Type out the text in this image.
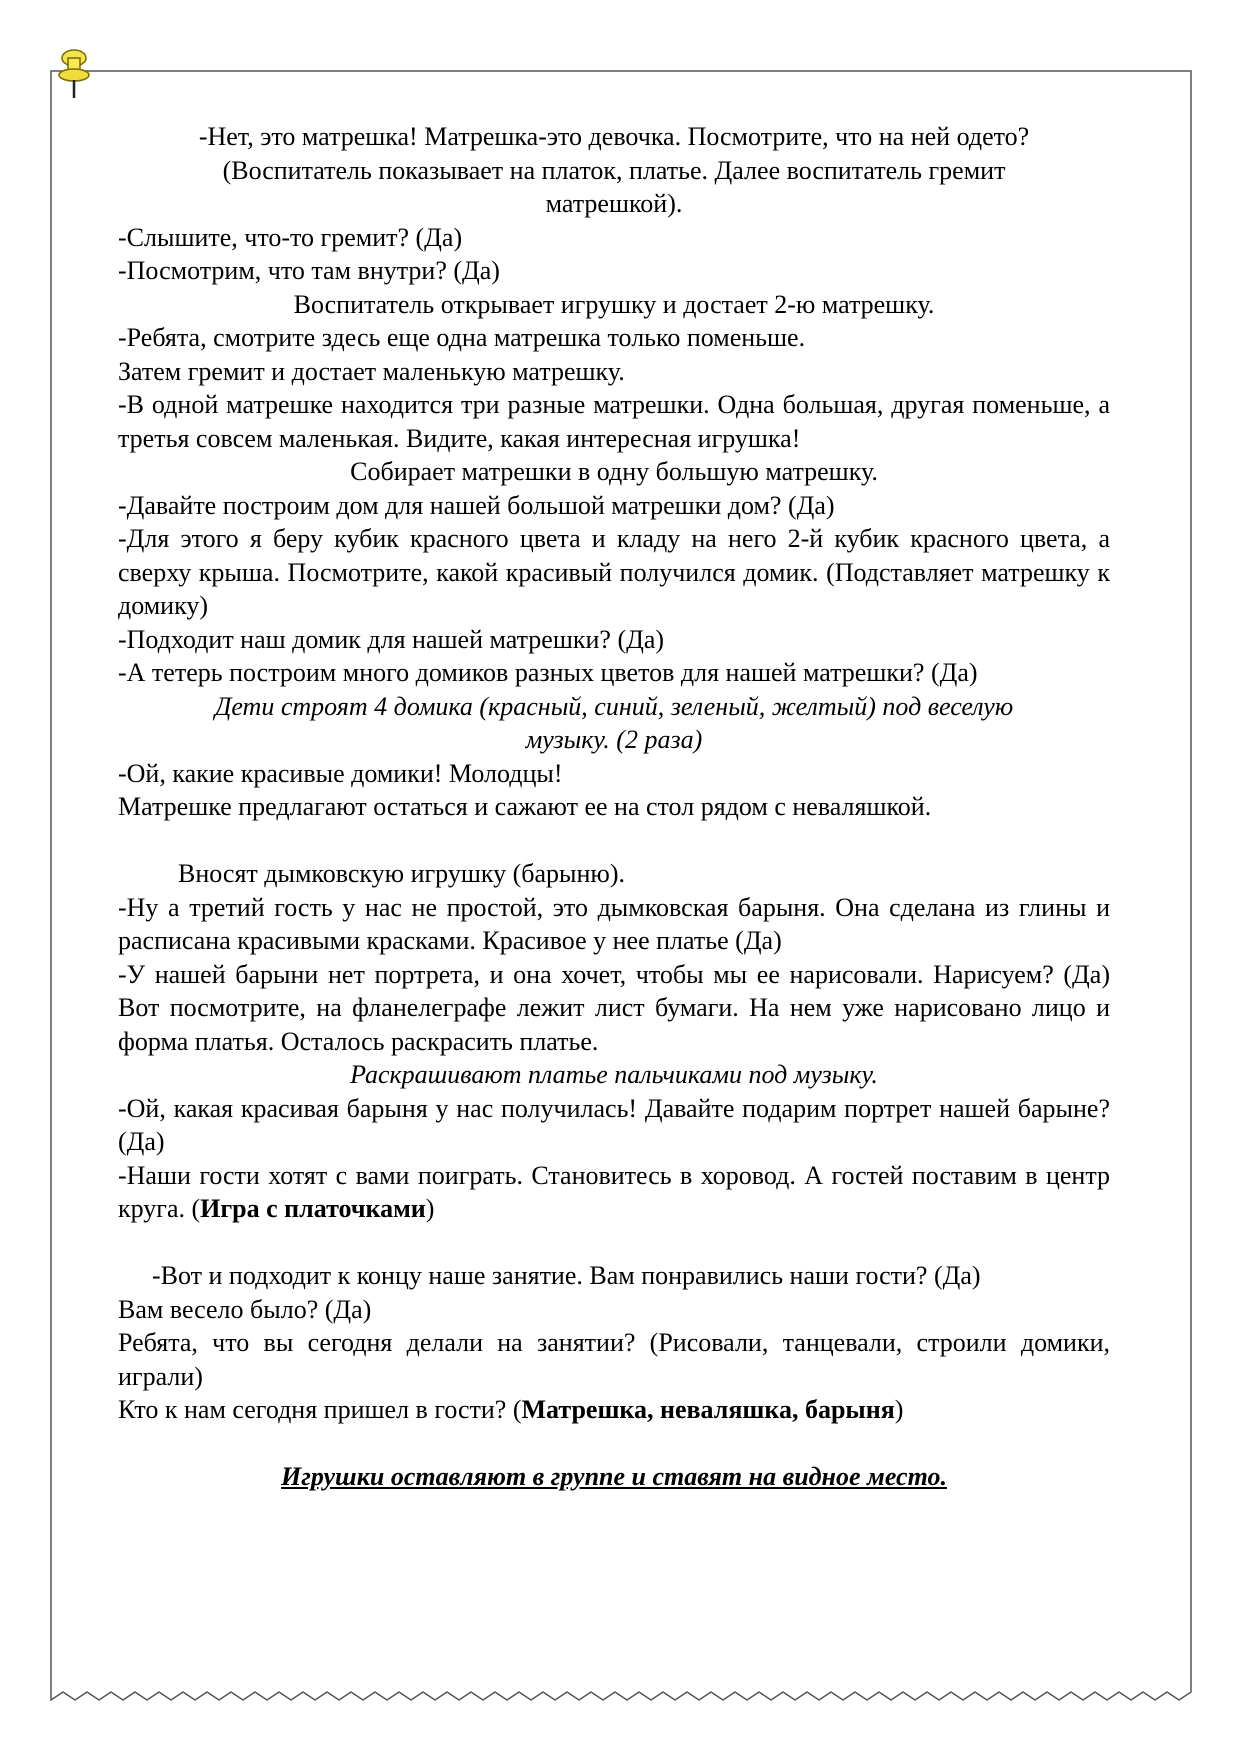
-Нет, это матрешка! Матрешка-это девочка. Посмотрите, что на ней одето?

(Воспитатель показывает на платок, платье. Далее воспитатель гремит

матрешкой).

-Слышите, что-то гремит? (Да)

-Посмотрим, что там внутри? (Да)

Воспитатель открывает игрушку и достает 2-ю матрешку.

-Ребята, смотрите здесь еще одна матрешка только поменьше.

Затем гремит и достает маленькую матрешку.

-В одной матрешке находится три разные матрешки. Одна большая, другая поменьше, а третья совсем маленькая. Видите, какая интересная игрушка!

Собирает матрешки в одну большую матрешку.

-Давайте построим дом для нашей большой матрешки дом? (Да)

-Для этого я беру кубик красного цвета и кладу на него 2-й кубик красного цвета, а сверху крыша. Посмотрите, какой красивый получился домик. (Подставляет матрешку к домику)

-Подходит наш домик для нашей матрешки? (Да)

-А тетерь построим много домиков разных цветов для нашей матрешки? (Да)

Дети строят 4 домика (красный, синий, зеленый, желтый) под веселую

музыку. (2 раза)

-Ой, какие красивые домики! Молодцы!

Матрешке предлагают остаться и сажают ее на стол рядом с неваляшкой.

Вносят дымковскую игрушку (барыню).

-Ну а третий гость у нас не простой, это дымковская барыня. Она сделана из глины и расписана красивыми красками. Красивое у нее платье (Да)

-У нашей барыни нет портрета, и она хочет, чтобы мы ее нарисовали. Нарисуем? (Да) Вот посмотрите, на фланелеграфе лежит лист бумаги. На нем уже нарисовано лицо и форма платья. Осталось раскрасить платье.

Раскрашивают платье пальчиками под музыку.

-Ой, какая красивая барыня у нас получилась! Давайте подарим портрет нашей барыне? (Да)

-Наши гости хотят с вами поиграть. Становитесь в хоровод. А гостей поставим в центр круга. (Игра с платочками)

-Вот и подходит к концу наше занятие. Вам понравились наши гости? (Да)

Вам весело было? (Да)

Ребята, что вы сегодня делали на занятии? (Рисовали, танцевали, строили домики, играли)

Кто к нам сегодня пришел в гости? (Матрешка, неваляшка, барыня)

Игрушки оставляют в группе и ставят на видное место.
